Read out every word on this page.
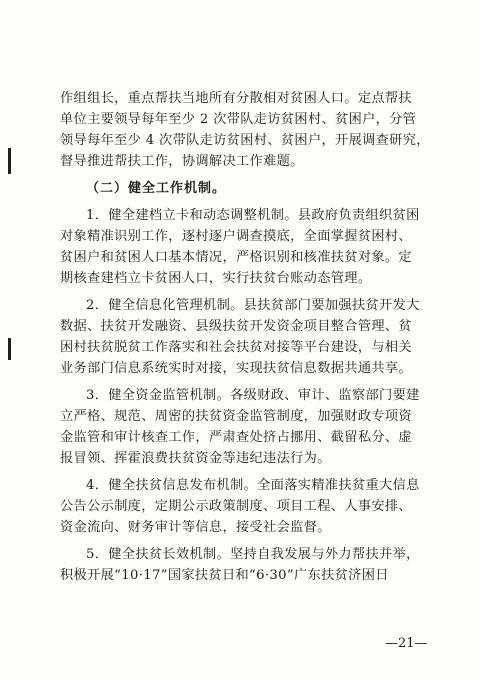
作组组长，重点帮扶当地所有分散相对贫困人口。定点帮扶
单位主要领导每年至少 2 次带队走访贫困村、贫困户，分管
领导每年至少 4 次带队走访贫困村、贫困户，开展调查研究，
督导推进帮扶工作，协调解决工作难题。
（二）健全工作机制。
1．健全建档立卡和动态调整机制。县政府负责组织贫困
对象精准识别工作，逐村逐户调查摸底，全面掌握贫困村、
贫困户和贫困人口基本情况，严格识别和核准扶贫对象。定
期核查建档立卡贫困人口，实行扶贫台账动态管理。
2．健全信息化管理机制。县扶贫部门要加强扶贫开发大
数据、扶贫开发融资、县级扶贫开发资金项目整合管理、贫
困村扶贫脱贫工作落实和社会扶贫对接等平台建设，与相关
业务部门信息系统实时对接，实现扶贫信息数据共通共享。
3．健全资金监管机制。各级财政、审计、监察部门要建
立严格、规范、周密的扶贫资金监管制度，加强财政专项资
金监管和审计核查工作，严肃查处挤占挪用、截留私分、虚
报冒领、挥霍浪费扶贫资金等违纪违法行为。
4．健全扶贫信息发布机制。全面落实精准扶贫重大信息
公告公示制度，定期公示政策制度、项目工程、人事安排、
资金流向、财务审计等信息，接受社会监督。
5．健全扶贫长效机制。坚持自我发展与外力帮扶并举，
积极开展“10·17”国家扶贫日和“6·30”广东扶贫济困日
—21—
